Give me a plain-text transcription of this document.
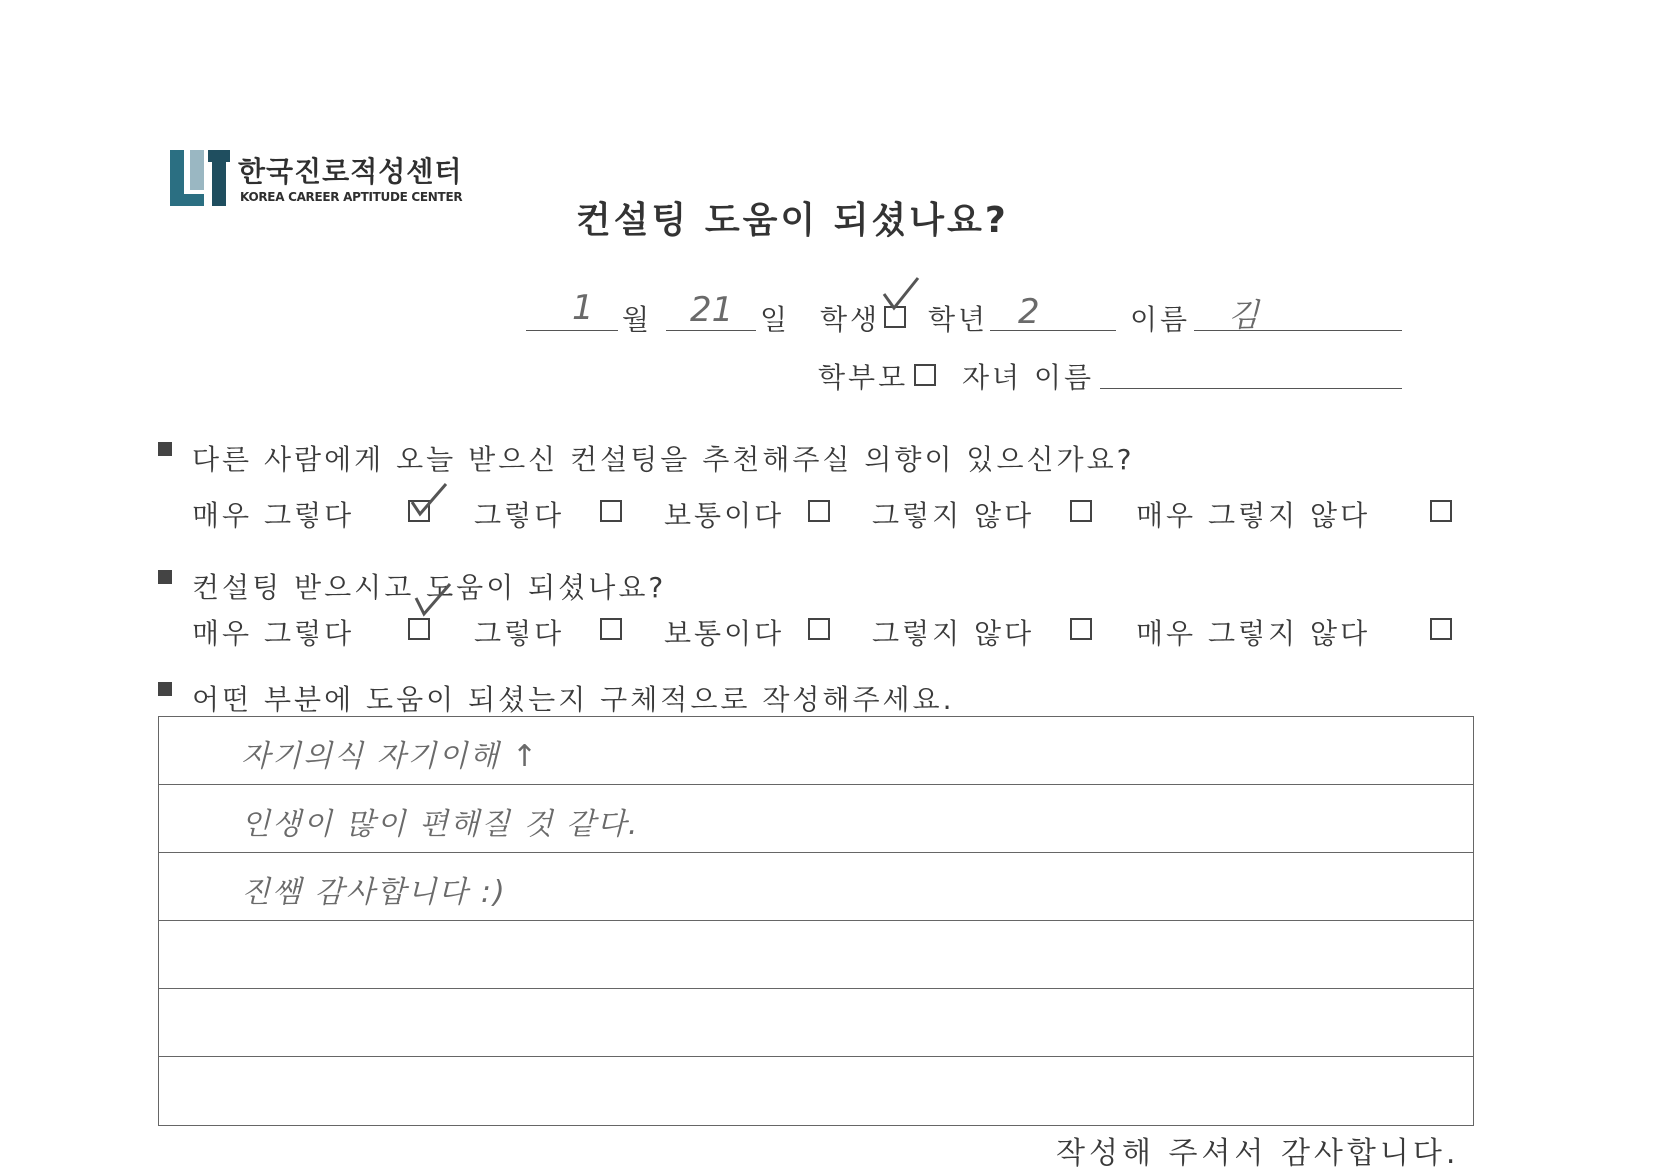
한국진로적성센터
KOREA CAREER APTITUDE CENTER
컨설팅 도움이 되셨나요?
1 월 21 일 학생 학년 2	이름 김
학부모 자녀 이름
다른 사람에게 오늘 받으신 컨설팅을 추천해주실 의향이 있으신가요?
매우 그렇다	그렇다	보통이다	그렇지 않다	매우 그렇지 않다
컨설팅 받으시고 도움이 되셨나요?
매우 그렇다	그렇다	보통이다	그렇지 않다	매우 그렇지 않다
어떤 부분에 도움이 되셨는지 구체적으로 작성해주세요.
자기의식 자기이해 ↑
인생이 많이 편해질 것 같다.
진쌤 감사합니다 :)
작성해 주셔서 감사합니다.
